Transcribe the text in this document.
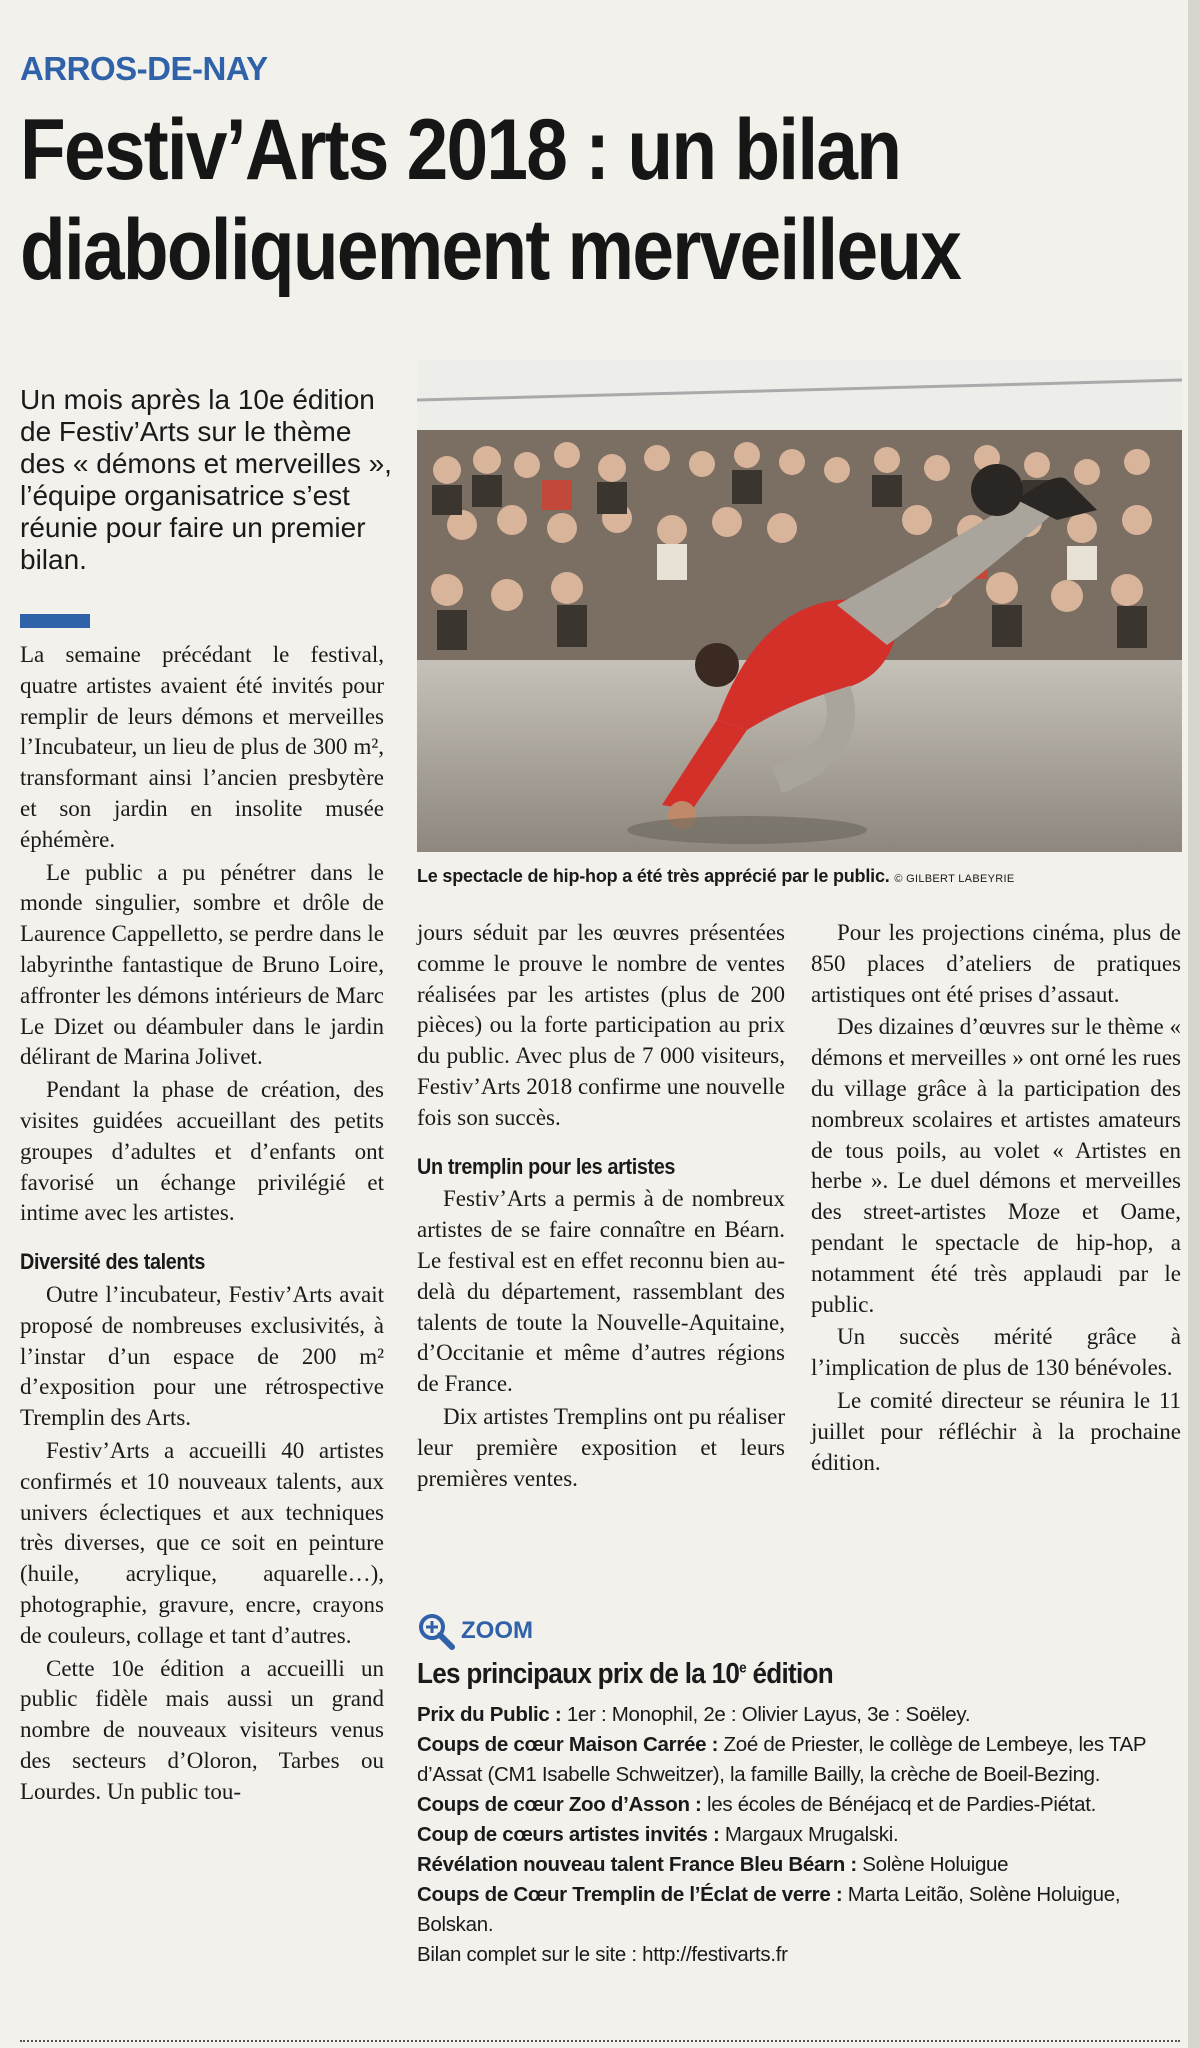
ARROS-DE-NAY
Festiv’Arts 2018 : un bilan
diaboliquement merveilleux
Un mois après la 10e édition de Festiv’Arts sur le thème des « démons et merveilles », l’équipe organisatrice s’est réunie pour faire un premier bilan.

La semaine précédant le festival, quatre artistes avaient été invités pour remplir de leurs démons et merveilles l’Incubateur, un lieu de plus de 300 m², transformant ainsi l’ancien presbytère et son jardin en insolite musée éphémère.

Le public a pu pénétrer dans le monde singulier, sombre et drôle de Laurence Cappelletto, se perdre dans le labyrinthe fantastique de Bruno Loire, affronter les démons intérieurs de Marc Le Dizet ou déambuler dans le jardin délirant de Marina Jolivet.

Pendant la phase de création, des visites guidées accueillant des petits groupes d’adultes et d’enfants ont favorisé un échange privilégié et intime avec les artistes.

Diversité des talents

Outre l’incubateur, Festiv’Arts avait proposé de nombreuses exclusivités, à l’instar d’un espace de 200 m² d’exposition pour une rétrospective Tremplin des Arts.

Festiv’Arts a accueilli 40 artistes confirmés et 10 nouveaux talents, aux univers éclectiques et aux techniques très diverses, que ce soit en peinture (huile, acrylique, aquarelle…), photographie, gravure, encre, crayons de couleurs, collage et tant d’autres.

Cette 10e édition a accueilli un public fidèle mais aussi un grand nombre de nouveaux visiteurs venus des secteurs d’Oloron, Tarbes ou Lourdes. Un public tou-

Le spectacle de hip-hop a été très apprécié par le public. © GILBERT LABEYRIE

jours séduit par les œuvres présentées comme le prouve le nombre de ventes réalisées par les artistes (plus de 200 pièces) ou la forte participation au prix du public. Avec plus de 7 000 visiteurs, Festiv’Arts 2018 confirme une nouvelle fois son succès.

Un tremplin pour les artistes

Festiv’Arts a permis à de nombreux artistes de se faire connaître en Béarn. Le festival est en effet reconnu bien au-delà du département, rassemblant des talents de toute la Nouvelle-Aquitaine, d’Occitanie et même d’autres régions de France.

Dix artistes Tremplins ont pu réaliser leur première exposition et leurs premières ventes.

Pour les projections cinéma, plus de 850 places d’ateliers de pratiques artistiques ont été prises d’assaut.

Des dizaines d’œuvres sur le thème « démons et merveilles » ont orné les rues du village grâce à la participation des nombreux scolaires et artistes amateurs de tous poils, au volet « Artistes en herbe ». Le duel démons et merveilles des street-artistes Moze et Oame, pendant le spectacle de hip-hop, a notamment été très applaudi par le public.

Un succès mérité grâce à l’implication de plus de 130 bénévoles.

Le comité directeur se réunira le 11 juillet pour réfléchir à la prochaine édition.

ZOOM
Les principaux prix de la 10e édition

Prix du Public : 1er : Monophil, 2e : Olivier Layus, 3e : Soëley.

Coups de cœur Maison Carrée : Zoé de Priester, le collège de Lembeye, les TAP d’Assat (CM1 Isabelle Schweitzer), la famille Bailly, la crèche de Boeil-Bezing.

Coups de cœur Zoo d’Asson : les écoles de Bénéjacq et de Pardies-Piétat.

Coup de cœurs artistes invités : Margaux Mrugalski.

Révélation nouveau talent France Bleu Béarn : Solène Holuigue

Coups de Cœur Tremplin de l’Éclat de verre : Marta Leitão, Solène Holuigue, Bolskan.

Bilan complet sur le site : http://festivarts.fr
